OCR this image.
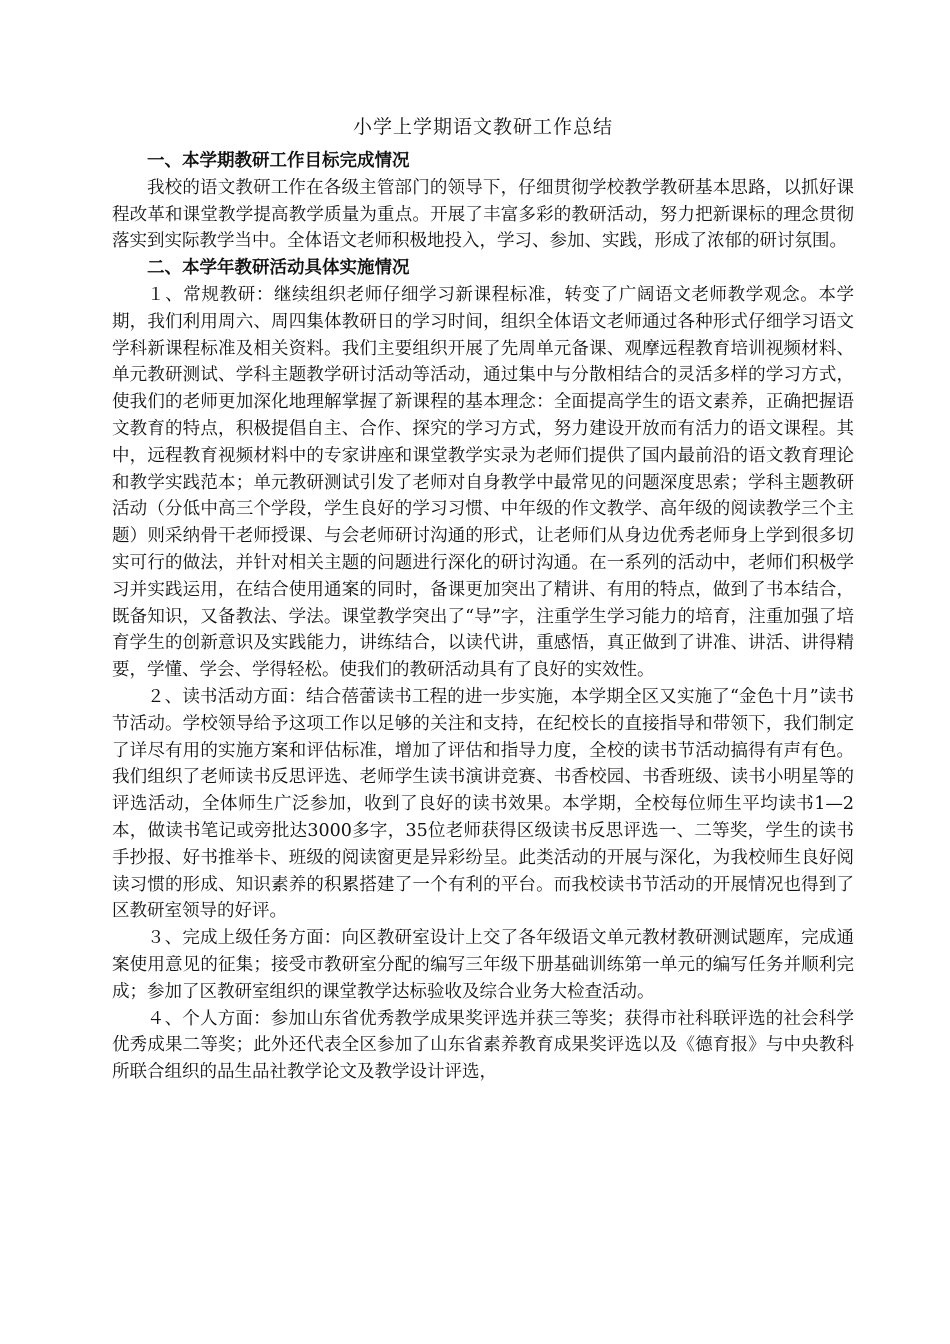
小学上学期语文教研工作总结

一、本学期教研工作目标完成情况

我校的语文教研工作在各级主管部门的领导下，仔细贯彻学校教学教研基本思路，以抓好课程改革和课堂教学提高教学质量为重点。开展了丰富多彩的教研活动，努力把新课标的理念贯彻落实到实际教学当中。全体语文老师积极地投入，学习、参加、实践，形成了浓郁的研讨氛围。

二、本学年教研活动具体实施情况

１、常规教研：继续组织老师仔细学习新课程标准，转变了广阔语文老师教学观念。本学期，我们利用周六、周四集体教研日的学习时间，组织全体语文老师通过各种形式仔细学习语文学科新课程标准及相关资料。我们主要组织开展了先周单元备课、观摩远程教育培训视频材料、单元教研测试、学科主题教学研讨活动等活动，通过集中与分散相结合的灵活多样的学习方式，使我们的老师更加深化地理解掌握了新课程的基本理念：全面提高学生的语文素养，正确把握语文教育的特点，积极提倡自主、合作、探究的学习方式，努力建设开放而有活力的语文课程。其中，远程教育视频材料中的专家讲座和课堂教学实录为老师们提供了国内最前沿的语文教育理论和教学实践范本；单元教研测试引发了老师对自身教学中最常见的问题深度思索；学科主题教研活动（分低中高三个学段，学生良好的学习习惯、中年级的作文教学、高年级的阅读教学三个主题）则采纳骨干老师授课、与会老师研讨沟通的形式，让老师们从身边优秀老师身上学到很多切实可行的做法，并针对相关主题的问题进行深化的研讨沟通。在一系列的活动中，老师们积极学习并实践运用，在结合使用通案的同时，备课更加突出了精讲、有用的特点，做到了书本结合，既备知识，又备教法、学法。课堂教学突出了“导”字，注重学生学习能力的培育，注重加强了培育学生的创新意识及实践能力，讲练结合，以读代讲，重感悟，真正做到了讲准、讲活、讲得精要，学懂、学会、学得轻松。使我们的教研活动具有了良好的实效性。

２、读书活动方面：结合蓓蕾读书工程的进一步实施，本学期全区又实施了“金色十月”读书节活动。学校领导给予这项工作以足够的关注和支持，在纪校长的直接指导和带领下，我们制定了详尽有用的实施方案和评估标准，增加了评估和指导力度，全校的读书节活动搞得有声有色。我们组织了老师读书反思评选、老师学生读书演讲竞赛、书香校园、书香班级、读书小明星等的评选活动，全体师生广泛参加，收到了良好的读书效果。本学期，全校每位师生平均读书1—2本，做读书笔记或旁批达3000多字，35位老师获得区级读书反思评选一、二等奖，学生的读书手抄报、好书推举卡、班级的阅读窗更是异彩纷呈。此类活动的开展与深化，为我校师生良好阅读习惯的形成、知识素养的积累搭建了一个有利的平台。而我校读书节活动的开展情况也得到了区教研室领导的好评。

３、完成上级任务方面：向区教研室设计上交了各年级语文单元教材教研测试题库，完成通案使用意见的征集；接受市教研室分配的编写三年级下册基础训练第一单元的编写任务并顺利完成；参加了区教研室组织的课堂教学达标验收及综合业务大检查活动。

４、个人方面：参加山东省优秀教学成果奖评选并获三等奖；获得市社科联评选的社会科学优秀成果二等奖；此外还代表全区参加了山东省素养教育成果奖评选以及《德育报》与中央教科所联合组织的品生品社教学论文及教学设计评选，
